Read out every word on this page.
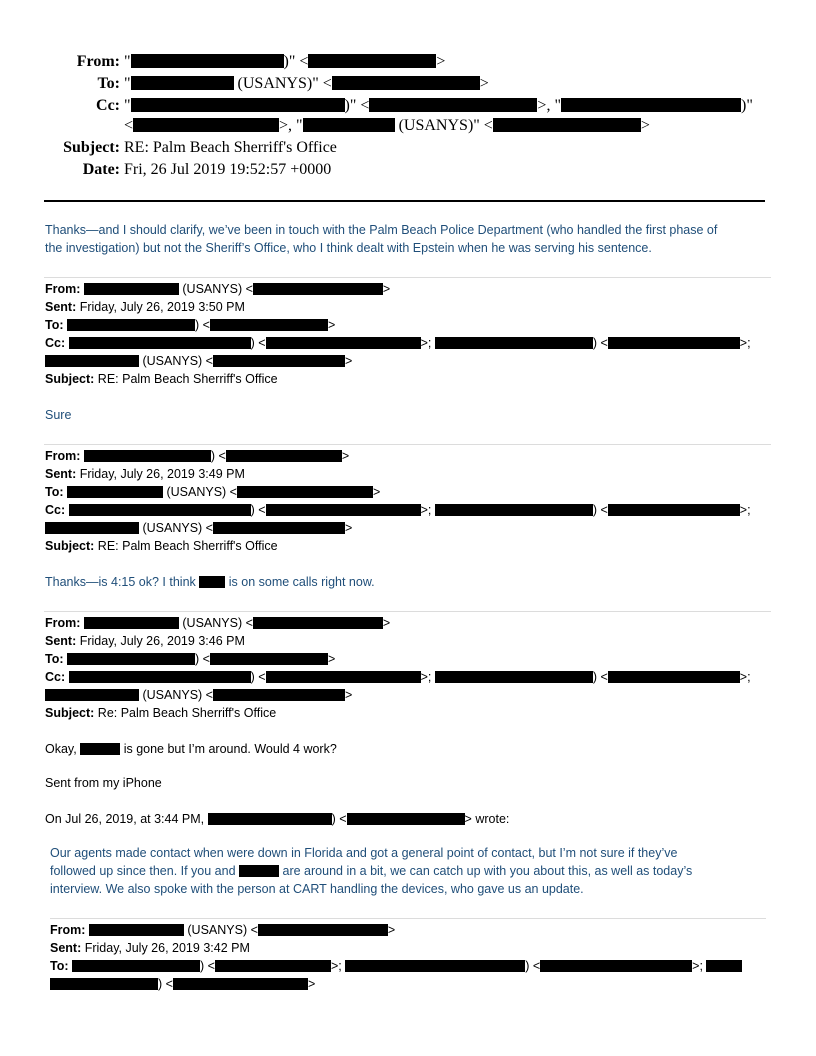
From: "	)" <	>
To: "	(USANYS)" <	>
Cc: "	)" <	>, "	)"
<	>, "	(USANYS)" <	>
Subject: RE: Palm Beach Sherriff's Office
Date: Fri, 26 Jul 2019 19:52:57 +0000
Thanks—and I should clarify, we’ve been in touch with the Palm Beach Police Department (who handled the first phase of
the investigation) but not the Sheriff’s Office, who I think dealt with Epstein when he was serving his sentence.
From:	(USANYS) <	>
Sent: Friday, July 26, 2019 3:50 PM
To:	) <	>
Cc:	) <	>;	) <	>;
(USANYS) <	>
Subject: RE: Palm Beach Sherriff's Office
Sure
From:	) <	>
Sent: Friday, July 26, 2019 3:49 PM
To:	(USANYS) <	>
Cc:	) <	>;	) <	>;
(USANYS) <	>
Subject: RE: Palm Beach Sherriff's Office
Thanks—is 4:15 ok? I think	is on some calls right now.
From:	(USANYS) <	>
Sent: Friday, July 26, 2019 3:46 PM
To:	) <	>
Cc:	) <	>;	) <	>;
(USANYS) <	>
Subject: Re: Palm Beach Sherriff's Office
Okay,	is gone but I’m around. Would 4 work?
Sent from my iPhone
On Jul 26, 2019, at 3:44 PM,	) <	> wrote:
Our agents made contact when were down in Florida and got a general point of contact, but I’m not sure if they’ve
followed up since then. If you and	are around in a bit, we can catch up with you about this, as well as today’s
interview. We also spoke with the person at CART handling the devices, who gave us an update.
From:	(USANYS) <	>
Sent: Friday, July 26, 2019 3:42 PM
To:	) <	>;	) <	>;
) <	>
